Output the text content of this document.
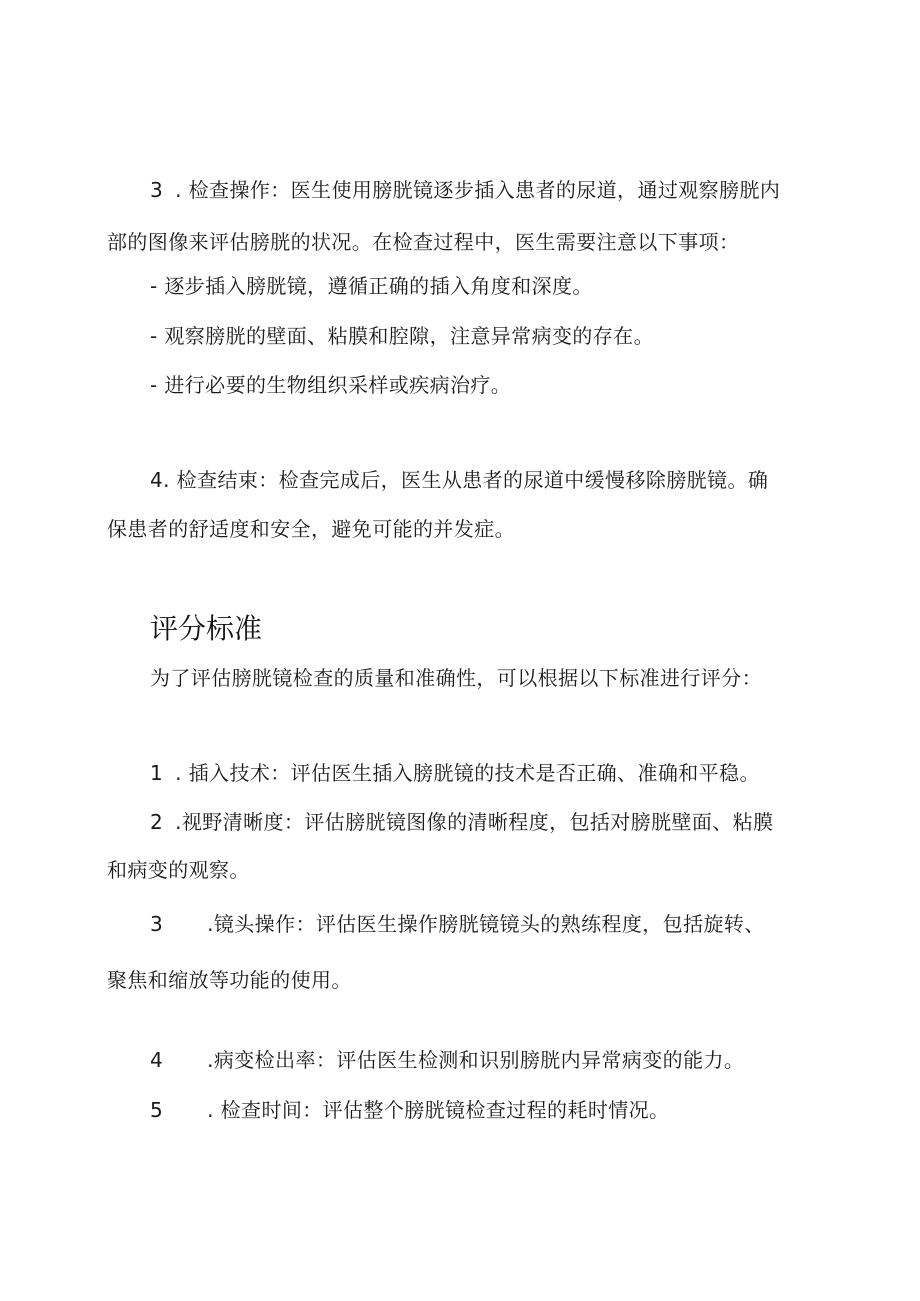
3 . 检查操作：医生使用膀胱镜逐步插入患者的尿道，通过观察膀胱内
部的图像来评估膀胱的状况。在检查过程中，医生需要注意以下事项：
- 逐步插入膀胱镜，遵循正确的插入角度和深度。
- 观察膀胱的壁面、粘膜和腔隙，注意异常病变的存在。
- 进行必要的生物组织采样或疾病治疗。
4. 检查结束：检查完成后，医生从患者的尿道中缓慢移除膀胱镜。确
保患者的舒适度和安全，避免可能的并发症。
评分标准
为了评估膀胱镜检查的质量和准确性，可以根据以下标准进行评分：
1 . 插入技术：评估医生插入膀胱镜的技术是否正确、准确和平稳。
2 .视野清晰度：评估膀胱镜图像的清晰程度，包括对膀胱壁面、粘膜
和病变的观察。
3 .镜头操作：评估医生操作膀胱镜镜头的熟练程度，包括旋转、
聚焦和缩放等功能的使用。
4 .病变检出率：评估医生检测和识别膀胱内异常病变的能力。
5 . 检查时间：评估整个膀胱镜检查过程的耗时情况。
